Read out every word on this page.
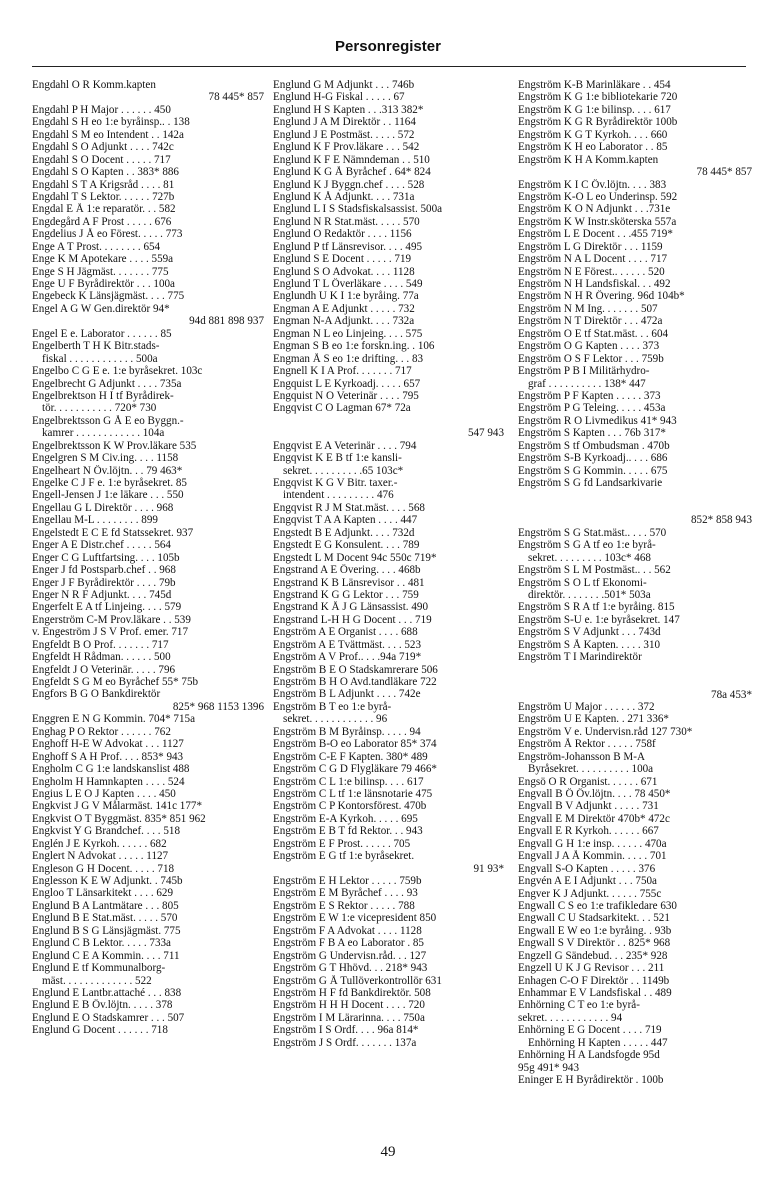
Personregister
Engdahl O R Komm.kapten
78 445* 857
Engdahl P H Major . . . . . . 450
Engdahl S H eo 1:e byråinsp.. . 138
Engdahl S M eo Intendent . . 142a
Engdahl S O Adjunkt . . . . 742c
Engdahl S O Docent . . . . . 717
Engdahl S O Kapten . . 383* 886
Engdahl S T A Krigsråd . . . . 81
Engdahl T S Lektor. . . . . . 727b
Engdal E Å 1:e reparatör. . . 582
Engdegård A F Prost . . . . . 676
Engdelius J Å eo Förest. . . . . 773
Enge A T Prost. . . . . . . . 654
Enge K M Apotekare . . . . 559a
Enge S H Jägmäst. . . . . . . 775
Enge U F Byrådirektör . . . 100a
Engebeck K Länsjägmäst. . . . 775
Engel A G W Gen.direktör 94*
94d 881 898 937
Engel E e. Laborator . . . . . . 85
Engelberth T H K Bitr.stads-
fiskal . . . . . . . . . . . . 500a
Engelbo C G E e. 1:e byråsekret. 103c
Engelbrecht G Adjunkt . . . . 735a
Engelbrektson H I tf Byrådirek-
tör. . . . . . . . . . . 720* 730
Engelbrektsson G Å E eo Byggn.-
kamrer . . . . . . . . . . . . 104a
Engelbrektsson K W Prov.läkare 535
Engelgren S M Civ.ing. . . . 1158
Engelheart N Öv.löjtn. . . 79 463*
Engelke C J F e. 1:e byråsekret. 85
Engell-Jensen J 1:e läkare . . . 550
Engellau G L Direktör . . . . 968
Engellau M-L . . . . . . . . 899
Engelstedt E C E fd Statssekret. 937
Enger A E Distr.chef . . . . . 564
Enger C G Luftfartsing. . . . 105b
Enger J fd Postsparb.chef . . 968
Enger J F Byrådirektör . . . . 79b
Enger N R F Adjunkt. . . . 745d
Engerfelt E A tf Linjeing. . . . 579
Engerström C-M Prov.läkare . . 539
v. Engeström J S V Prof. emer. 717
Engfeldt B O Prof. . . . . . . 717
Engfeldt H Rådman. . . . . . 500
Engfeldt J O Veterinär. . . . . 796
Engfeldt S G M eo Byråchef 55* 75b
Engfors B G O Bankdirektör
825* 968 1153 1396
Enggren E N G Kommin. 704* 715a
Enghag P O Rektor . . . . . . 762
Enghoff H-E W Advokat . . . 1127
Enghoff S A H Prof. . . . 853* 943
Engholm C G 1:e landskanslist 488
Engholm H Hamnkapten . . . . 524
Engius L E O J Kapten . . . . 450
Engkvist J G V Målarmäst. 141c 177*
Engkvist O T Byggmäst. 835* 851 962
Engkvist Y G Brandchef. . . . 518
Englén J E Kyrkoh. . . . . . 682
Englert N Advokat . . . . . 1127
Engleson G H Docent. . . . . 718
Englesson K E W Adjunkt. . 745b
Engloo T Länsarkitekt . . . . 629
Englund B A Lantmätare . . . 805
Englund B E Stat.mäst. . . . . 570
Englund B S G Länsjägmäst. 775
Englund C B Lektor. . . . . 733a
Englund C E A Kommin. . . . 711
Englund E tf Kommunalborg-
mäst. . . . . . . . . . . . . 522
Englund E Lantbr.attaché . . . 838
Englund E B Öv.löjtn. . . . . 378
Englund E O Stadskamrer . . . 507
Englund G Docent . . . . . . 718
Englund G M Adjunkt . . . 746b
Englund H-G Fiskal . . . . . 67
Englund H S Kapten . . .313 382*
Englund J A M Direktör . . 1164
Englund J E Postmäst. . . . . 572
Englund K F Prov.läkare . . . 542
Englund K F E Nämndeman . . 510
Englund K G Å Byråchef . 64* 824
Englund K J Byggn.chef . . . . 528
Englund K Å Adjunkt. . . . 731a
Englund L I S Stadsfiskalsassist. 500a
Englund N R Stat.mäst. . . . . 570
Englund O Redaktör . . . . 1156
Englund P tf Länsrevisor. . . . 495
Englund S E Docent . . . . . 719
Englund S O Advokat. . . . 1128
Englund T L Överläkare . . . . 549
Englundh U K I 1:e byråing. 77a
Engman A E Adjunkt . . . . . 732
Engman N-A Adjunkt. . . . 732a
Engman N L eo Linjeing. . . . 575
Engman S B eo 1:e forskn.ing. . 106
Engman Å S eo 1:e drifting. . . 83
Engnell K I A Prof. . . . . . . 717
Engquist L E Kyrkoadj. . . . . 657
Engquist N O Veterinär . . . . 795
Engqvist C O Lagman 67* 72a
547 943
Engqvist E A Veterinär . . . . 794
Engqvist K E B tf 1:e kansli-
sekret. . . . . . . . . .65 103c*
Engqvist K G V Bitr. taxer.-
intendent . . . . . . . . . 476
Engqvist R J M Stat.mäst. . . . 568
Engqvist T A A Kapten . . . . 447
Engstedt B E Adjunkt. . . . 732d
Engstedt E G Konsulent. . . . 789
Engstedt L M Docent 94c 550c 719*
Engstrand A E Övering. . . . 468b
Engstrand K B Länsrevisor . . 481
Engstrand K G G Lektor . . . 759
Engstrand K Å J G Länsassist. 490
Engstrand L-H H G Docent . . . 719
Engström A E Organist . . . . 688
Engström A E Tvättmäst. . . . 523
Engström A V Prof.. . . .94a 719*
Engström B E O Stadskamrerare 506
Engström B H O Avd.tandläkare 722
Engström B L Adjunkt . . . . 742e
Engström B T eo 1:e byrå-
sekret. . . . . . . . . . . . 96
Engström B M Byråinsp. . . . . 94
Engström B-O eo Laborator 85* 374
Engström C-E F Kapten. 380* 489
Engström C G D Flygläkare 79 466*
Engström C L 1:e bilinsp. . . . 617
Engström C L tf 1:e länsnotarie 475
Engström C P Kontorsförest. 470b
Engström E-A Kyrkoh. . . . . 695
Engström E B T fd Rektor. . . 943
Engström E F Prost. . . . . . 705
Engström E G tf 1:e byråsekret.
91 93*
Engström E H Lektor . . . . . 759b
Engström E M Byråchef . . . . 93
Engström E S Rektor . . . . . 788
Engström E W 1:e vicepresident 850
Engström F A Advokat . . . . 1128
Engström F B A eo Laborator . 85
Engström G Undervisn.råd. . . 127
Engström G T Hhövd. . . 218* 943
Engström G Å Tullöverkontrollör 631
Engström H F fd Bankdirektör. 508
Engström H H H Docent . . . . 720
Engström I M Lärarinna. . . . 750a
Engström I S Ordf. . . . 96a 814*
Engström J S Ordf. . . . . . . 137a
Engström K-B Marinläkare . . 454
Engström K G 1:e bibliotekarie 720
Engström K G 1:e bilinsp. . . . 617
Engström K G R Byrådirektör 100b
Engström K G T Kyrkoh. . . . 660
Engström K H eo Laborator . . 85
Engström K H A Komm.kapten
78 445* 857
Engström K I C Öv.löjtn. . . . 383
Engström K-O L eo Underinsp. 592
Engström K O N Adjunkt . . .731e
Engström K W Instr.sköterska 557a
Engström L E Docent . . .455 719*
Engström L G Direktör . . . 1159
Engström N A L Docent . . . . 717
Engström N E Förest.. . . . . . 520
Engström N H Landsfiskal. . . 492
Engström N H R Övering. 96d 104b*
Engström N M Ing. . . . . . . 507
Engström N T Direktör . . . 472a
Engström O E tf Stat.mäst. . . 604
Engström O G Kapten . . . . 373
Engström O S F Lektor . . . 759b
Engström P B I Militärhydro-
graf . . . . . . . . . . 138* 447
Engström P F Kapten . . . . . 373
Engström P G Teleing. . . . . 453a
Engström R O Livmedikus 41* 943
Engström S Kapten . . . 76b 317*
Engström S tf Ombudsman . 470b
Engström S-B Kyrkoadj.. . . . 686
Engström S G Kommin. . . . . 675
Engström S G fd Landsarkivarie
852* 858 943
Engström S G Stat.mäst.. . . . 570
Engström S G A tf eo 1:e byrå-
sekret. . . . . . . . . 103c* 468
Engström S L M Postmäst.. . . 562
Engström S O L tf Ekonomi-
direktör. . . . . . . .501* 503a
Engström S R A tf 1:e byråing. 815
Engström S-U e. 1:e byråsekret. 147
Engström S V Adjunkt . . . 743d
Engström S Å Kapten. . . . . 310
Engström T I Marindirektör
78a 453*
Engström U Major . . . . . . 372
Engström U E Kapten. . 271 336*
Engström V e. Undervisn.råd 127 730*
Engström Å Rektor . . . . . 758f
Engström-Johansson B M-A
Byråsekret. . . . . . . . . . 100a
Engsö O R Organist. . . . . . 671
Engvall B Ö Öv.löjtn. . . . 78 450*
Engvall B V Adjunkt . . . . . 731
Engvall E M Direktör 470b* 472c
Engvall E R Kyrkoh. . . . . . 667
Engvall G H 1:e insp. . . . . . 470a
Engvall J A Å Kommin. . . . . 701
Engvall S-O Kapten . . . . . 376
Engvén A E I Adjunkt . . . 750a
Engver K J Adjunkt. . . . . . 755c
Engwall C S eo 1:e trafikledare 630
Engwall C U Stadsarkitekt. . . 521
Engwall E W eo 1:e byråing. . 93b
Engwall S V Direktör . . 825* 968
Engzell G Sändebud. . . 235* 928
Engzell U K J G Revisor . . . 211
Enhagen C-O F Direktör . . 1149b
Enhammar E V Landsfiskal . . 489
Enhörning C T eo 1:e byrå-
sekret. . . . . . . . . . . . 94
Enhörning E G Docent . . . . 719
Enhörning H Kapten . . . . . 447
Enhörning H A Landsfogde 95d
95g 491* 943
Eninger E H Byrådirektör . 100b
49
